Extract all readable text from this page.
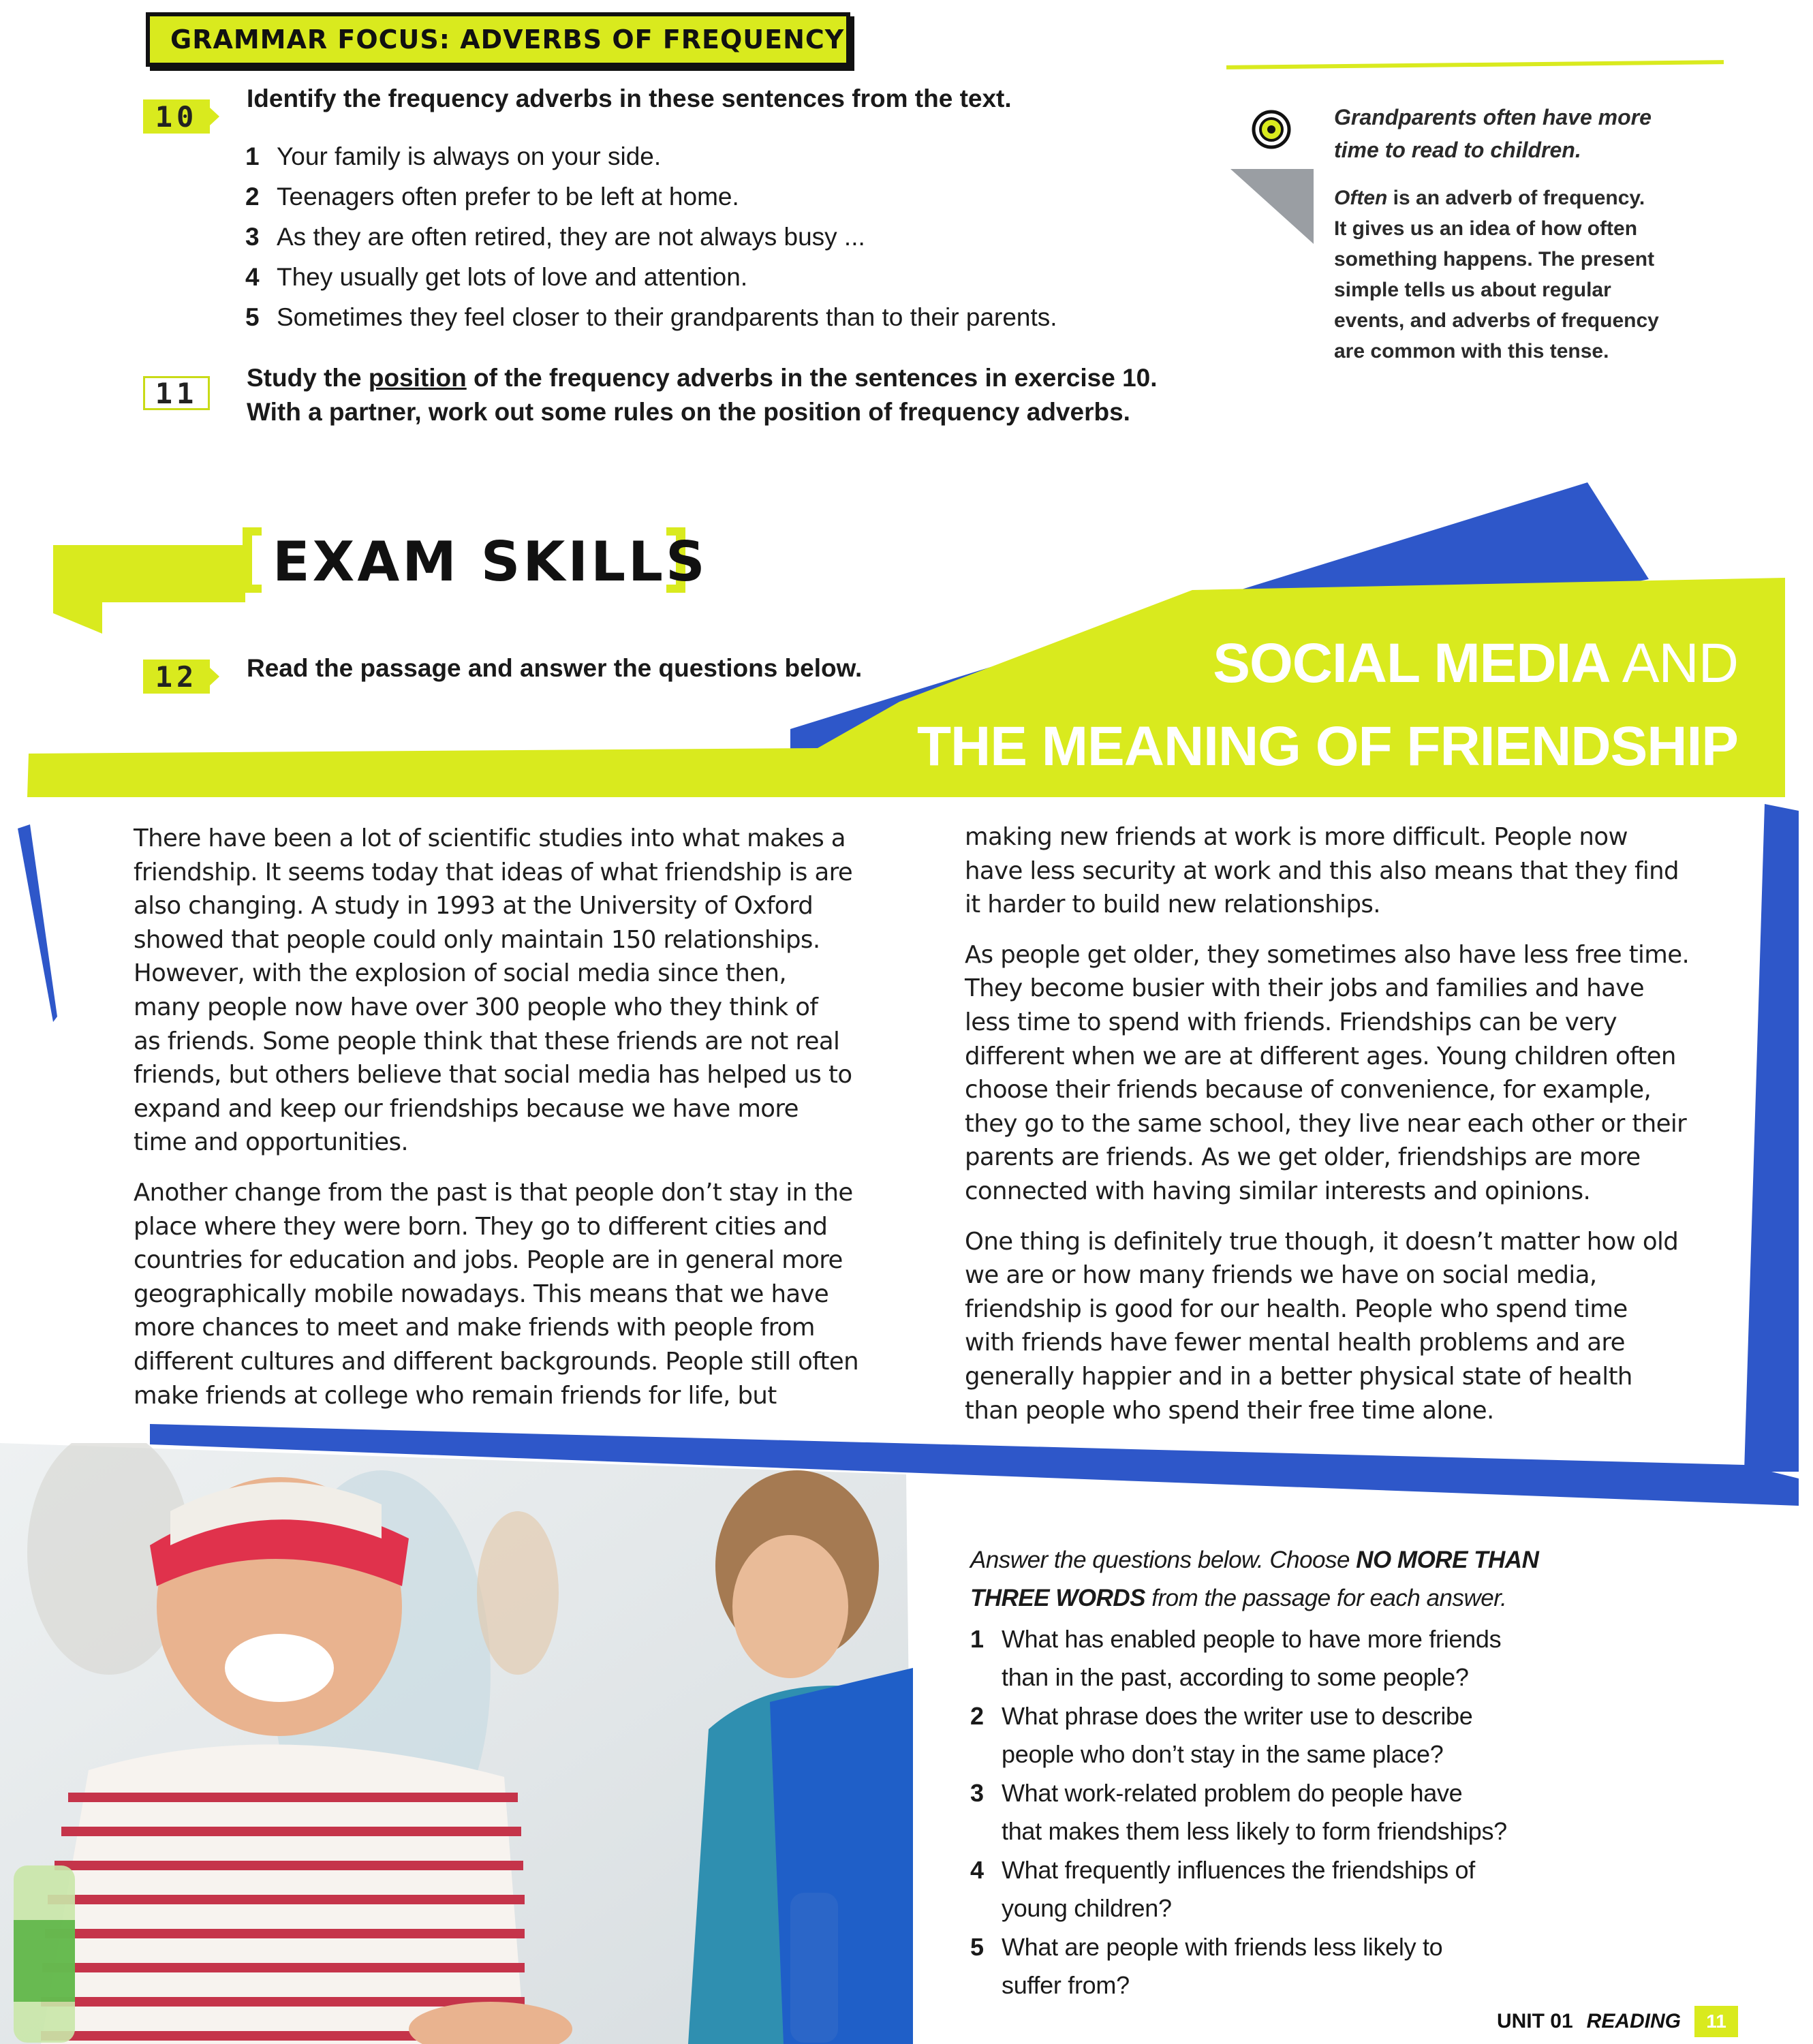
GRAMMAR FOCUS: ADVERBS OF FREQUENCY
10
Identify the frequency adverbs in these sentences from the text.
1 Your family is always on your side.
2 Teenagers often prefer to be left at home.
3 As they are often retired, they are not always busy ...
4 They usually get lots of love and attention.
5 Sometimes they feel closer to their grandparents than to their parents.
11	Study the position of the frequency adverbs in the sentences in exercise 10.
With a partner, work out some rules on the position of frequency adverbs.
Grandparents often have more
time to read to children.
Often is an adverb of frequency.
It gives us an idea of how often
something happens. The present
simple tells us about regular
events, and adverbs of frequency
are common with this tense.
EXAM SKILLS
12	Read the passage and answer the questions below.	SOCIAL MEDIA AND
THE MEANING OF FRIENDSHIP

There have been a lot of scientific studies into what makes a
friendship. It seems today that ideas of what friendship is are
also changing. A study in 1993 at the University of Oxford
showed that people could only maintain 150 relationships.
However, with the explosion of social media since then,
many people now have over 300 people who they think of
as friends. Some people think that these friends are not real
friends, but others believe that social media has helped us to
expand and keep our friendships because we have more
time and opportunities.

Another change from the past is that people don’t stay in the
place where they were born. They go to different cities and
countries for education and jobs. People are in general more
geographically mobile nowadays. This means that we have
more chances to meet and make friends with people from
different cultures and different backgrounds. People still often
make friends at college who remain friends for life, but

making new friends at work is more difficult. People now
have less security at work and this also means that they find
it harder to build new relationships.

As people get older, they sometimes also have less free time.
They become busier with their jobs and families and have
less time to spend with friends. Friendships can be very
different when we are at different ages. Young children often
choose their friends because of convenience, for example,
they go to the same school, they live near each other or their
parents are friends. As we get older, friendships are more
connected with having similar interests and opinions.

One thing is definitely true though, it doesn’t matter how old
we are or how many friends we have on social media,
friendship is good for our health. People who spend time
with friends have fewer mental health problems and are
generally happier and in a better physical state of health
than people who spend their free time alone.

Answer the questions below. Choose NO MORE THAN
THREE WORDS from the passage for each answer.
1 What has enabled people to have more friends
than in the past, according to some people?
2 What phrase does the writer use to describe
people who don’t stay in the same place?
3 What work-related problem do people have
that makes them less likely to form friendships?
4 What frequently influences the friendships of
young children?
5 What are people with friends less likely to
suffer from?
UNIT 01 READING	11
